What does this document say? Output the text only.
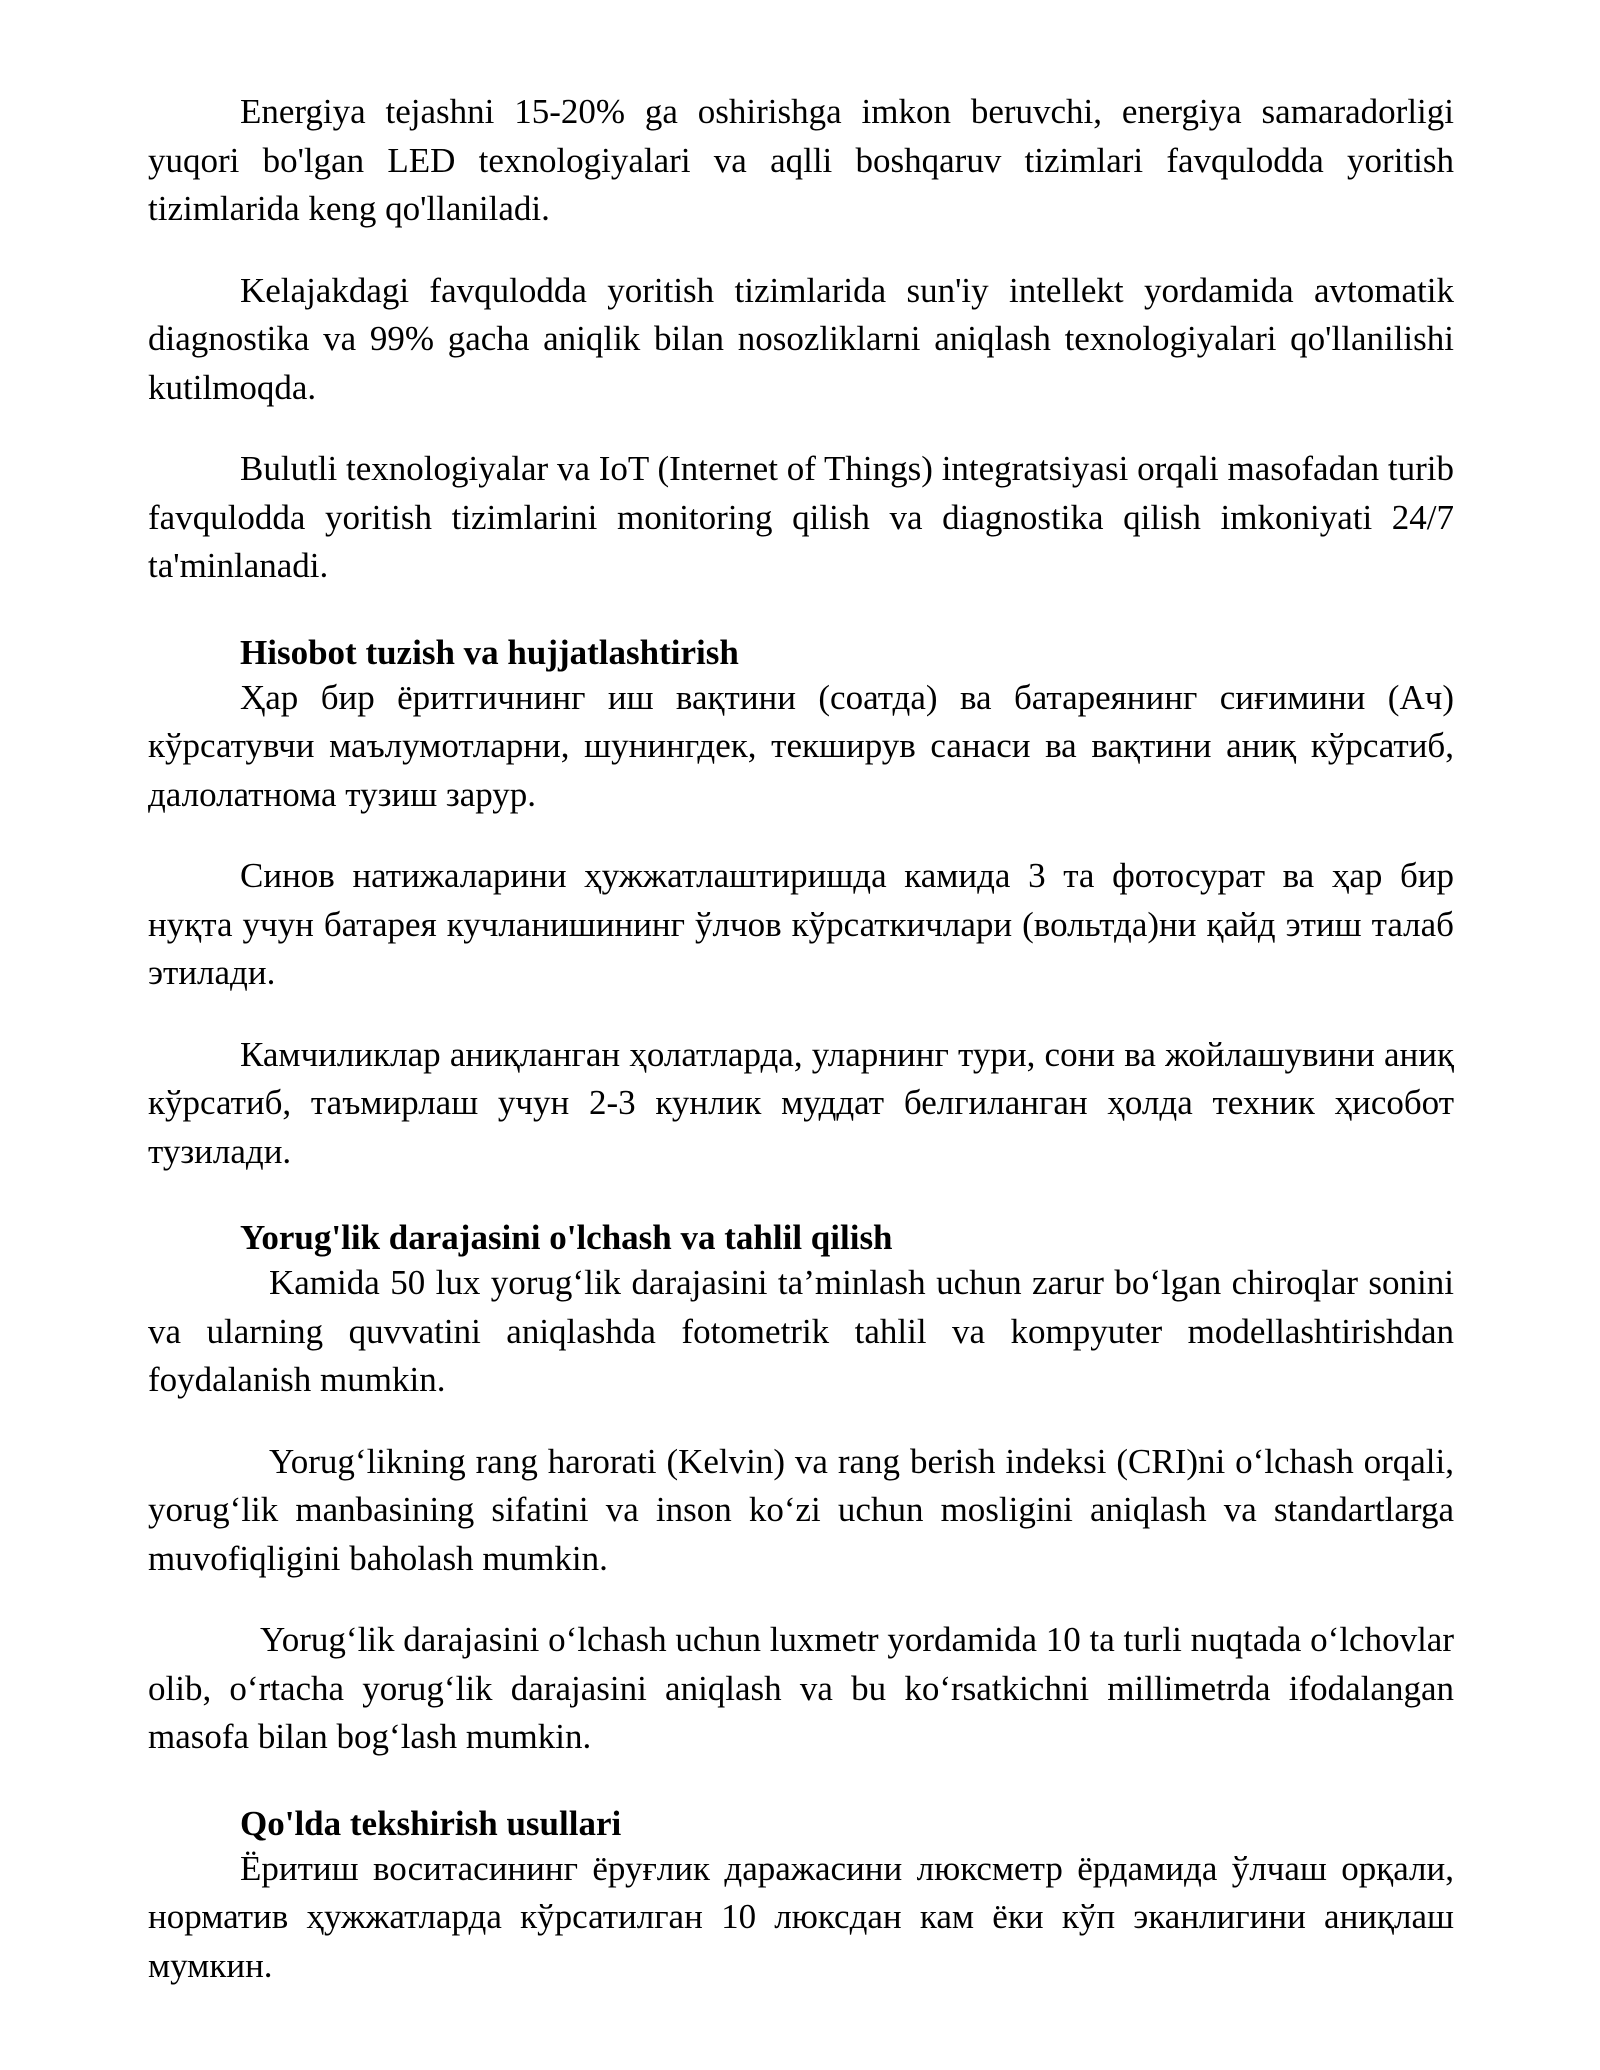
Energiya tejashni 15-20% ga oshirishga imkon beruvchi, energiya samaradorligi yuqori bo'lgan LED texnologiyalari va aqlli boshqaruv tizimlari favqulodda yoritish tizimlarida keng qo'llaniladi.

Kelajakdagi favqulodda yoritish tizimlarida sun'iy intellekt yordamida avtomatik diagnostika va 99% gacha aniqlik bilan nosozliklarni aniqlash texnologiyalari qo'llanilishi kutilmoqda.

Bulutli texnologiyalar va IoT (Internet of Things) integratsiyasi orqali masofadan turib favqulodda yoritish tizimlarini monitoring qilish va diagnostika qilish imkoniyati 24/7 ta'minlanadi.

Hisobot tuzish va hujjatlashtirish

Ҳар бир ёритгичнинг иш вақтини (соатда) ва батареянинг сиғимини (Ач) кўрсатувчи маълумотларни, шунингдек, текширув санаси ва вақтини аниқ кўрсатиб, далолатнома тузиш зарур.

Синов натижаларини ҳужжатлаштиришда камида 3 та фотосурат ва ҳар бир нуқта учун батарея кучланишининг ўлчов кўрсаткичлари (вольтда)ни қайд этиш талаб этилади.

Камчиликлар аниқланган ҳолатларда, уларнинг тури, сони ва жойлашувини аниқ кўрсатиб, таъмирлаш учун 2-3 кунлик муддат белгиланган ҳолда техник ҳисобот тузилади.

Yorug'lik darajasini o'lchash va tahlil qilish

Kamida 50 lux yorug‘lik darajasini ta’minlash uchun zarur bo‘lgan chiroqlar sonini va ularning quvvatini aniqlashda fotometrik tahlil va kompyuter modellashtirishdan foydalanish mumkin.

Yorug‘likning rang harorati (Kelvin) va rang berish indeksi (CRI)ni o‘lchash orqali, yorug‘lik manbasining sifatini va inson ko‘zi uchun mosligini aniqlash va standartlarga muvofiqligini baholash mumkin.

Yorug‘lik darajasini o‘lchash uchun luxmetr yordamida 10 ta turli nuqtada o‘lchovlar olib, o‘rtacha yorug‘lik darajasini aniqlash va bu ko‘rsatkichni millimetrda ifodalangan masofa bilan bog‘lash mumkin.

Qo'lda tekshirish usullari

Ёритиш воситасининг ёруғлик даражасини люксметр ёрдамида ўлчаш орқали, норматив ҳужжатларда кўрсатилган 10 люксдан кам ёки кўп эканлигини аниқлаш мумкин.
